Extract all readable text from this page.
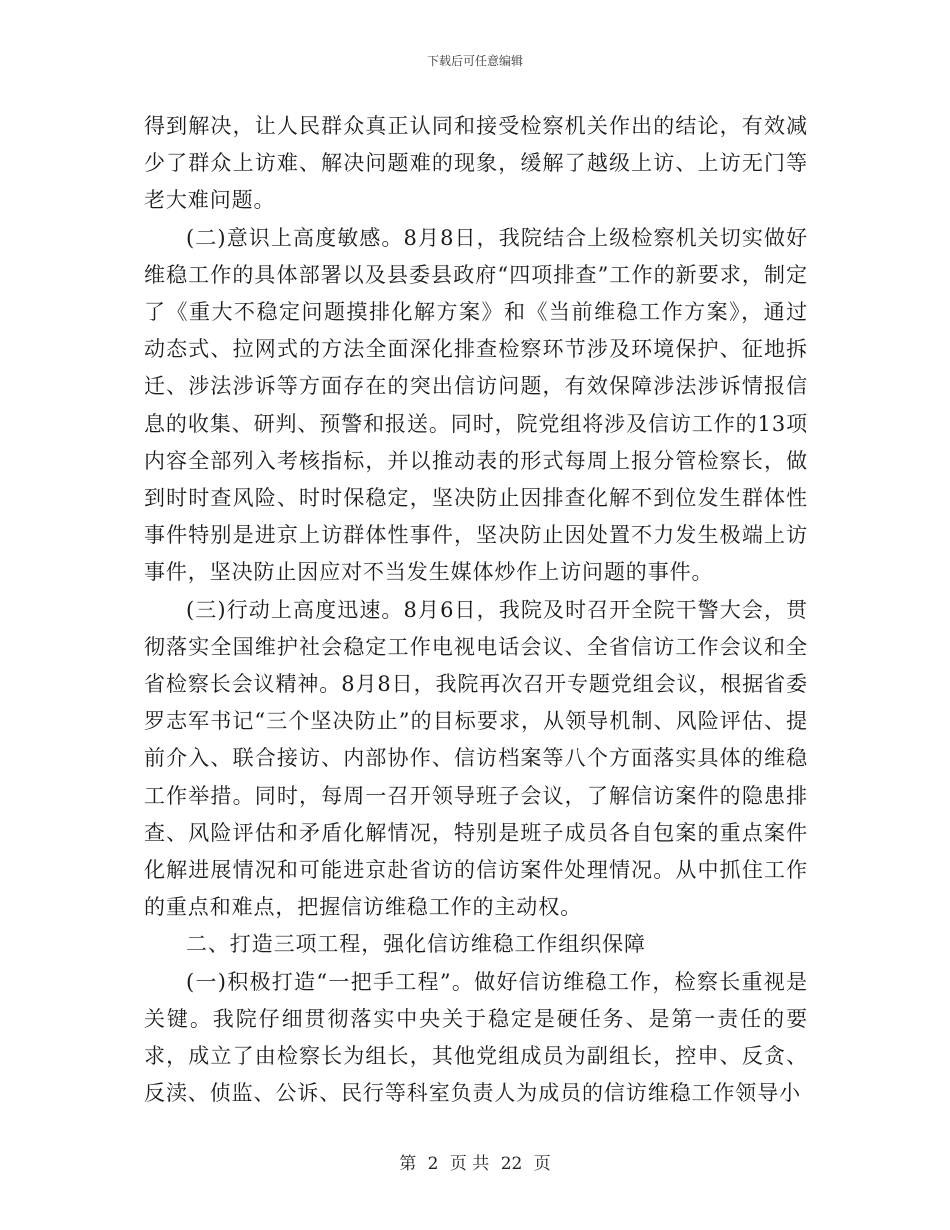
下载后可任意编辑

得到解决，让人民群众真正认同和接受检察机关作出的结论，有效减少了群众上访难、解决问题难的现象，缓解了越级上访、上访无门等老大难问题。

(二)意识上高度敏感。8月8日，我院结合上级检察机关切实做好维稳工作的具体部署以及县委县政府“四项排查”工作的新要求，制定了《重大不稳定问题摸排化解方案》和《当前维稳工作方案》，通过动态式、拉网式的方法全面深化排查检察环节涉及环境保护、征地拆迁、涉法涉诉等方面存在的突出信访问题，有效保障涉法涉诉情报信息的收集、研判、预警和报送。同时，院党组将涉及信访工作的13项内容全部列入考核指标，并以推动表的形式每周上报分管检察长，做到时时查风险、时时保稳定，坚决防止因排查化解不到位发生群体性事件特别是进京上访群体性事件，坚决防止因处置不力发生极端上访事件，坚决防止因应对不当发生媒体炒作上访问题的事件。

(三)行动上高度迅速。8月6日，我院及时召开全院干警大会，贯彻落实全国维护社会稳定工作电视电话会议、全省信访工作会议和全省检察长会议精神。8月8日，我院再次召开专题党组会议，根据省委罗志军书记“三个坚决防止”的目标要求，从领导机制、风险评估、提前介入、联合接访、内部协作、信访档案等八个方面落实具体的维稳工作举措。同时，每周一召开领导班子会议，了解信访案件的隐患排查、风险评估和矛盾化解情况，特别是班子成员各自包案的重点案件化解进展情况和可能进京赴省访的信访案件处理情况。从中抓住工作的重点和难点，把握信访维稳工作的主动权。

二、打造三项工程，强化信访维稳工作组织保障

(一)积极打造“一把手工程”。做好信访维稳工作，检察长重视是关键。我院仔细贯彻落实中央关于稳定是硬任务、是第一责任的要求，成立了由检察长为组长，其他党组成员为副组长，控申、反贪、反渎、侦监、公诉、民行等科室负责人为成员的信访维稳工作领导小

第 2 页 共 22 页
